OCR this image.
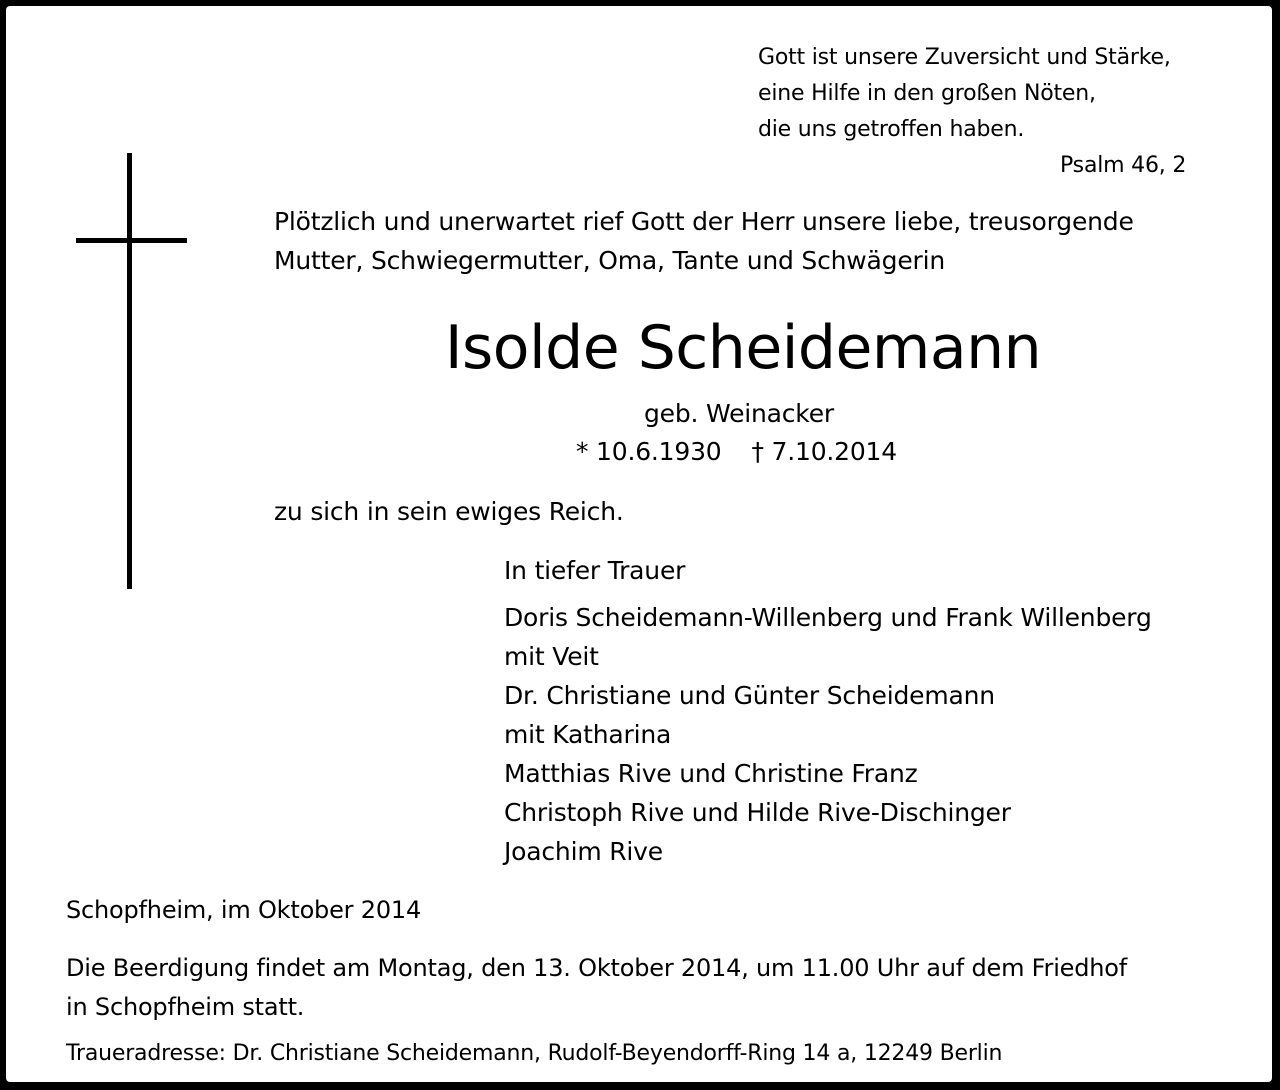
Gott ist unsere Zuversicht und Stärke,
eine Hilfe in den großen Nöten,
die uns getroffen haben.
Psalm 46, 2
Plötzlich und unerwartet rief Gott der Herr unsere liebe, treusorgende
Mutter, Schwiegermutter, Oma, Tante und Schwägerin
Isolde Scheidemann
geb. Weinacker
* 10.6.1930 † 7.10.2014
zu sich in sein ewiges Reich.
In tiefer Trauer
Doris Scheidemann-Willenberg und Frank Willenberg
mit Veit
Dr. Christiane und Günter Scheidemann
mit Katharina
Matthias Rive und Christine Franz
Christoph Rive und Hilde Rive-Dischinger
Joachim Rive
Schopfheim, im Oktober 2014
Die Beerdigung findet am Montag, den 13. Oktober 2014, um 11.00 Uhr auf dem Friedhof
in Schopfheim statt.
Traueradresse: Dr. Christiane Scheidemann, Rudolf-Beyendorff-Ring 14 a, 12249 Berlin
